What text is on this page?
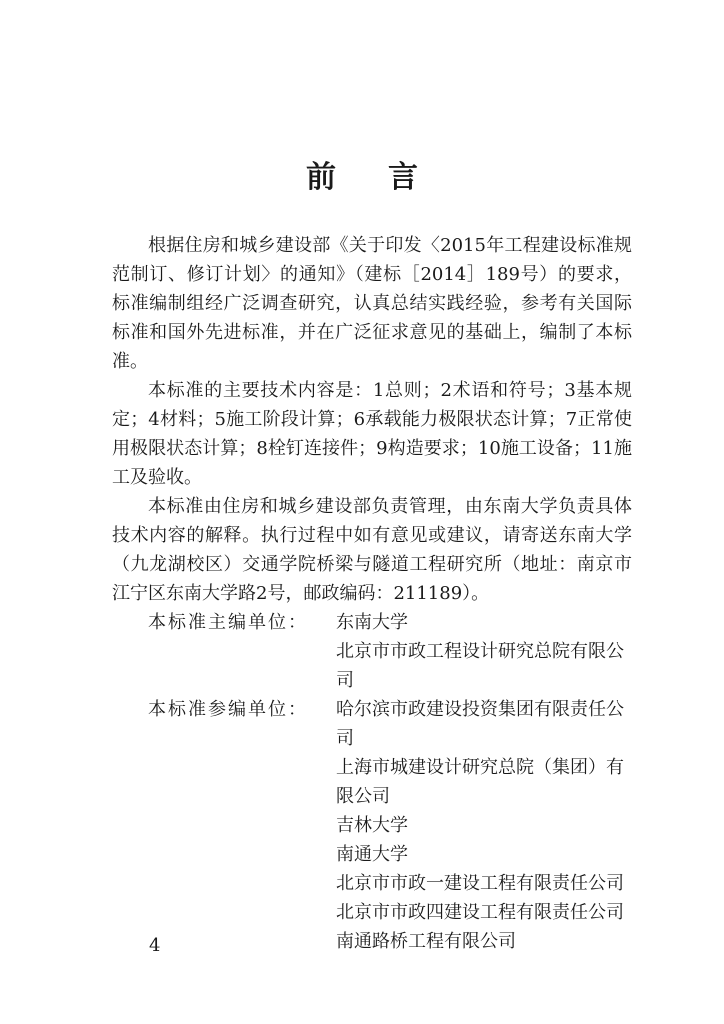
前言

根据住房和城乡建设部《关于印发〈2015年工程建设标准规范制订、修订计划〉的通知》（建标［2014］189号）的要求，标准编制组经广泛调查研究，认真总结实践经验，参考有关国际标准和国外先进标准，并在广泛征求意见的基础上，编制了本标准。

本标准的主要技术内容是：1总则；2术语和符号；3基本规定；4材料；5施工阶段计算；6承载能力极限状态计算；7正常使用极限状态计算；8栓钉连接件；9构造要求；10施工设备；11施工及验收。

本标准由住房和城乡建设部负责管理，由东南大学负责具体技术内容的解释。执行过程中如有意见或建议，请寄送东南大学（九龙湖校区）交通学院桥梁与隧道工程研究所（地址：南京市江宁区东南大学路2号，邮政编码：211189）。

本标准主编单位：	东南大学
北京市市政工程设计研究总院有限公司
本标准参编单位：	哈尔滨市政建设投资集团有限责任公司
上海市城建设计研究总院（集团）有限公司
吉林大学
南通大学
北京市市政一建设工程有限责任公司
北京市市政四建设工程有限责任公司
南通路桥工程有限公司
4
